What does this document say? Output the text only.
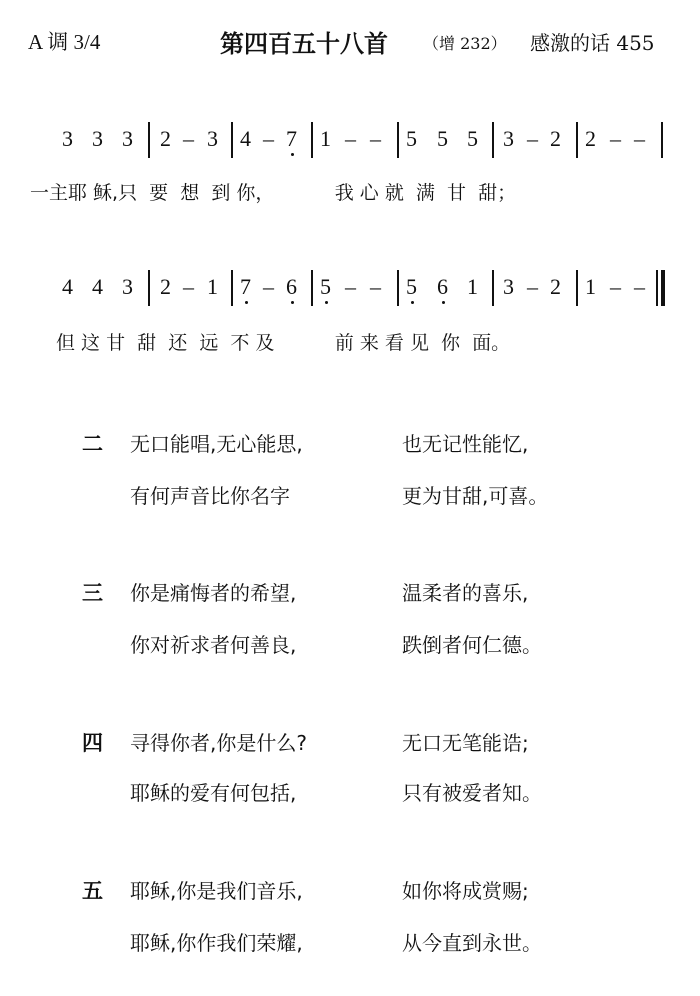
A 调 3/4	第四百五十八首 （增 232） 感激的话 455
3 3 3 2 – 3 4 – 7 1 – – 5 5 5 3 – 2 2 – –
一主耶 稣,只  要  想  到 你，          我 心 就  满  甘  甜；
4 4 3 2 – 1 7 – 6 5 – – 5 6 1 3 – 2 1 – –
但 这 甘  甜  还  远  不 及          前 来 看 见  你  面。
二 无口能唱,无心能思,	也无记性能忆,
有何声音比你名字	更为甘甜,可喜。
三 你是痛悔者的希望,	温柔者的喜乐,
你对祈求者何善良,	跌倒者何仁德。
四 寻得你者,你是什么?	无口无笔能诰;
耶稣的爱有何包括,	只有被爱者知。
五 耶稣,你是我们音乐,	如你将成赏赐;
耶稣,你作我们荣耀,	从今直到永世。
